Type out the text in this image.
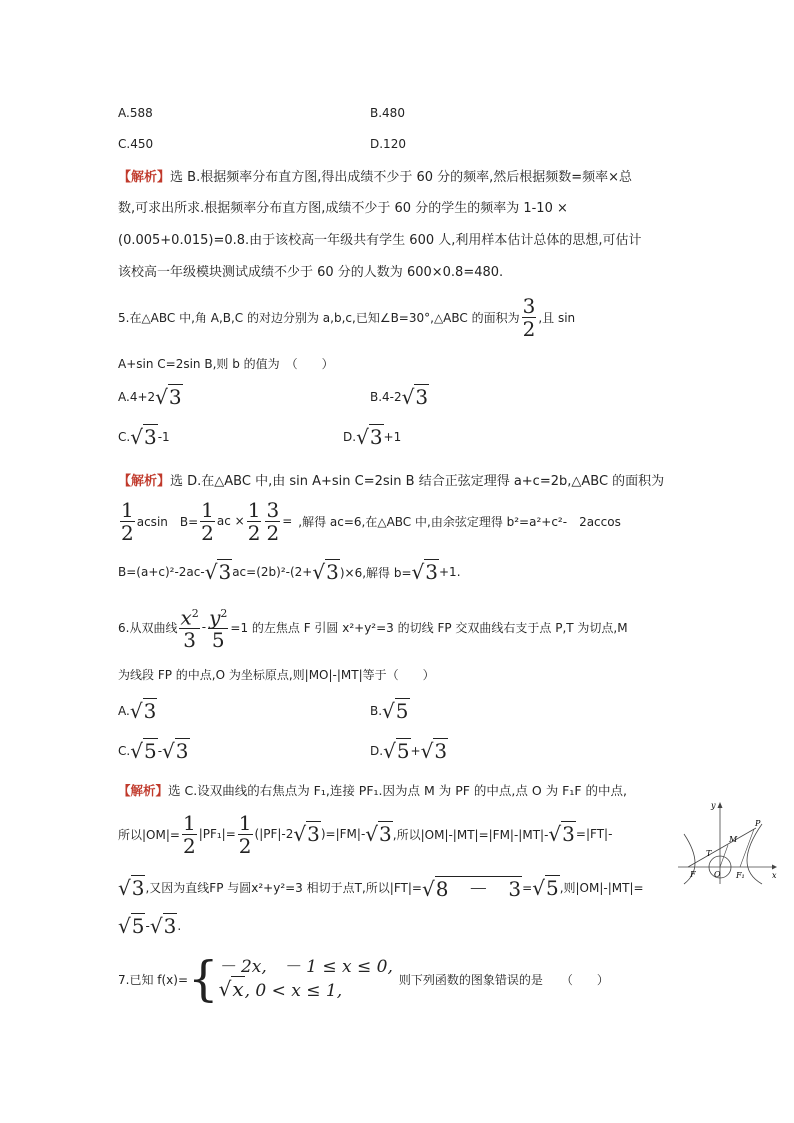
A.588	B.480
C.450	D.120
【解析】选 B.根据频率分布直方图,得出成绩不少于 60 分的频率,然后根据频数=频率×总
数,可求出所求.根据频率分布直方图,成绩不少于 60 分的学生的频率为 1-10 ×
(0.005+0.015)=0.8.由于该校高一年级共有学生 600 人,利用样本估计总体的思想,可估计
该校高一年级模块测试成绩不少于 60 分的人数为 600×0.8=480.
5.在△ABC 中,角 A,B,C 的对边分别为 a,b,c,已知∠B=30°,△ABC 的面积为 $\frac{3}{2}$ ,且 sin
A+sin C=2sin B,则 b 的值为　（　　）
A.4+2 √3	B.4-2 √3
C. √3 -1	D. √3 +1
【解析】选 D.在△ABC 中,由 sin A+sin C=2sin B 结合正弦定理得 a+c=2b,△ABC 的面积为
$\frac{1}{2}$ acsin　$B= \frac{1}{2}$ ac × $\frac{1}{2} \frac{3}{2}$ = ,解得 ac=6,在△ABC 中,由余弦定理得 b²=a²+c²-　2accos
B=(a+c)²-2ac- √3 ac=(2b)²-(2+ √3 )×6,解得 b= √3 +1.
6.从双曲线 $\frac{x^2}{3} - \frac{y^2}{5} =1$ 的左焦点 F 引圆 x²+y²=3 的切线 FP 交双曲线右支于点 P,T 为切点,M
为线段 FP 的中点,O 为坐标原点,则|MO|-|MT|等于（　　）
A. √3	B. √5
C. √5 - √3	D. √5 + √3
【解析】选 C.设双曲线的右焦点为 F₁,连接 PF₁.因为点 M 为 PF 的中点,点 O 为 F₁F 的中点,
所以$|OM|= \frac{1}{2} |PF_1|= \frac{1}{2} (|PF|-2$ √3 )=|FM|- √3 ,所以|OM|-|MT|=|FM|-|MT|- √3 =|FT|-
√3 ,又因为直线FP 与圆x²+y²=3 相切于点T,所以|FT|= √8　－　3 = √5 ,则|OM|-|MT|=
√5 - √3 .
y
P
M
T
F O F₁	x
7.已知 f(x)= { － 2x,　－ 1 ≤ x ≤ 0,
√x, 0 < x ≤ 1,
则下列函数的图象错误的是　　（　　）
